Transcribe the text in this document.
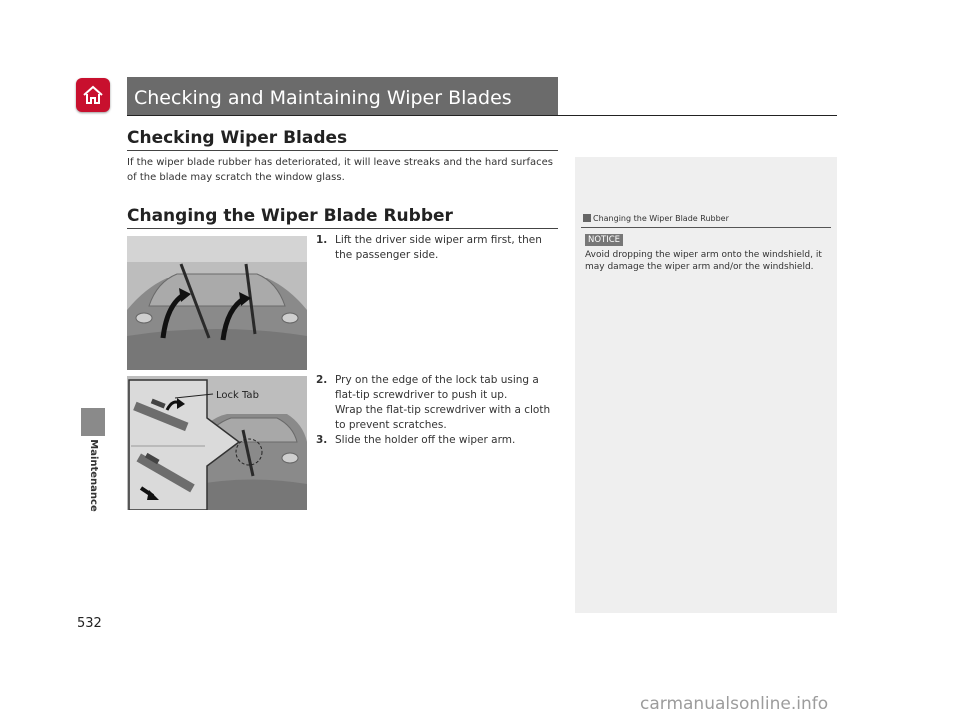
Checking and Maintaining Wiper Blades
Maintenance
Checking Wiper Blades

If the wiper blade rubber has deteriorated, it will leave streaks and the hard surfaces of the blade may scratch the window glass.

Changing the Wiper Blade Rubber
Lock Tab
1. Lift the driver side wiper arm first, then the passenger side.
2. Pry on the edge of the lock tab using a flat-tip screwdriver to push it up.
Wrap the flat-tip screwdriver with a cloth to prevent scratches.
3. Slide the holder off the wiper arm.
Changing the Wiper Blade Rubber
NOTICE

Avoid dropping the wiper arm onto the windshield, it may damage the wiper arm and/or the windshield.

532
carmanualsonline.info
